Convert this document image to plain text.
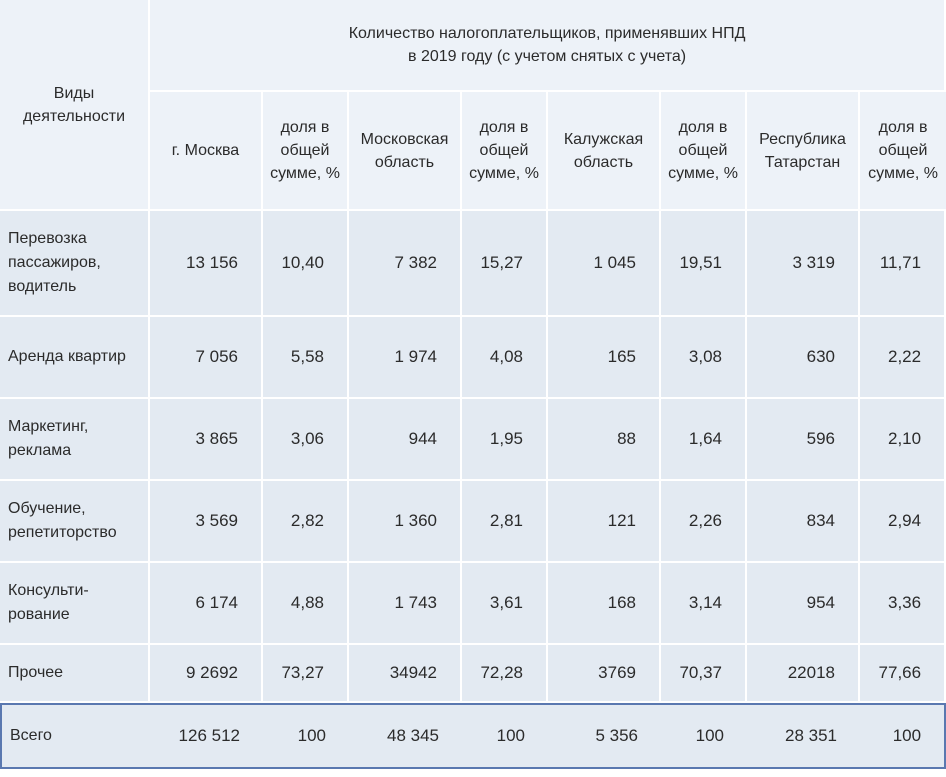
Виды деятельности	Количество налогоплательщиков, применявших НПД
в 2019 году (с учетом снятых с учета)							

	г. Москва	доля в общей сумме, %	Московская область	доля в общей сумме, %	Калужская область	доля в общей сумме, %	Республика Татарстан	доля в общей сумме, %
Перевозка пассажиров, водитель	13 156	10,40	7 382	15,27	1 045	19,51	3 319	11,71
Аренда квартир	7 056	5,58	1 974	4,08	165	3,08	630	2,22
Маркетинг, реклама	3 865	3,06	944	1,95	88	1,64	596	2,10
Обучение, репетиторство	3 569	2,82	1 360	2,81	121	2,26	834	2,94
Консульти-рование	6 174	4,88	1 743	3,61	168	3,14	954	3,36
Прочее	9 2692	73,27	34942	72,28	3769	70,37	22018	77,66
Всего	126 512	100	48 345	100	5 356	100	28 351	100
